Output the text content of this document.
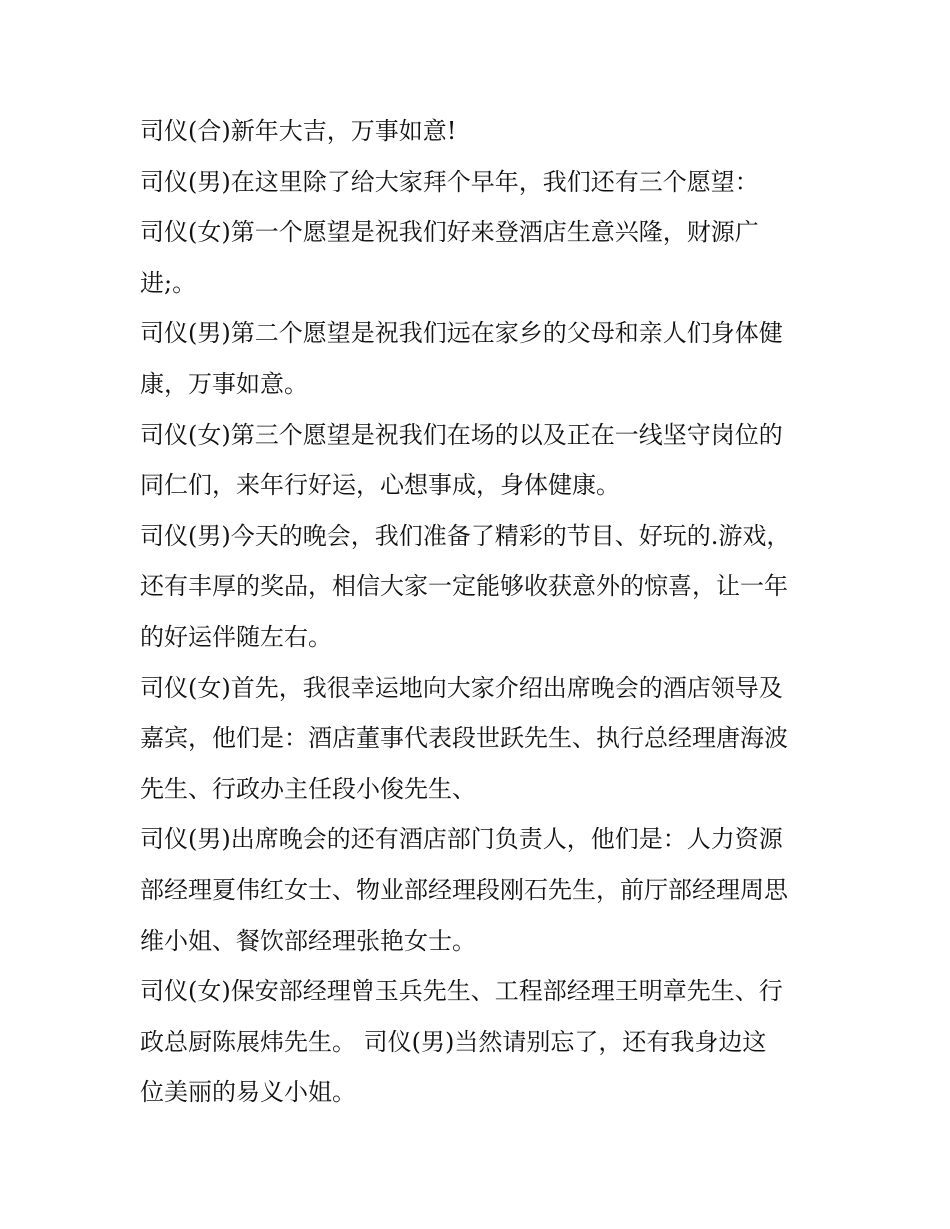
司仪(合)新年大吉，万事如意!
司仪(男)在这里除了给大家拜个早年，我们还有三个愿望：
司仪(女)第一个愿望是祝我们好来登酒店生意兴隆，财源广
进;。
司仪(男)第二个愿望是祝我们远在家乡的父母和亲人们身体健
康，万事如意。
司仪(女)第三个愿望是祝我们在场的以及正在一线坚守岗位的
同仁们，来年行好运，心想事成，身体健康。
司仪(男)今天的晚会，我们准备了精彩的节目、好玩的.游戏，
还有丰厚的奖品，相信大家一定能够收获意外的惊喜，让一年
的好运伴随左右。
司仪(女)首先，我很幸运地向大家介绍出席晚会的酒店领导及
嘉宾，他们是：酒店董事代表段世跃先生、执行总经理唐海波
先生、行政办主任段小俊先生、
司仪(男)出席晚会的还有酒店部门负责人，他们是：人力资源
部经理夏伟红女士、物业部经理段刚石先生，前厅部经理周思
维小姐、餐饮部经理张艳女士。
司仪(女)保安部经理曾玉兵先生、工程部经理王明章先生、行
政总厨陈展炜先生。 司仪(男)当然请别忘了，还有我身边这
位美丽的易义小姐。
